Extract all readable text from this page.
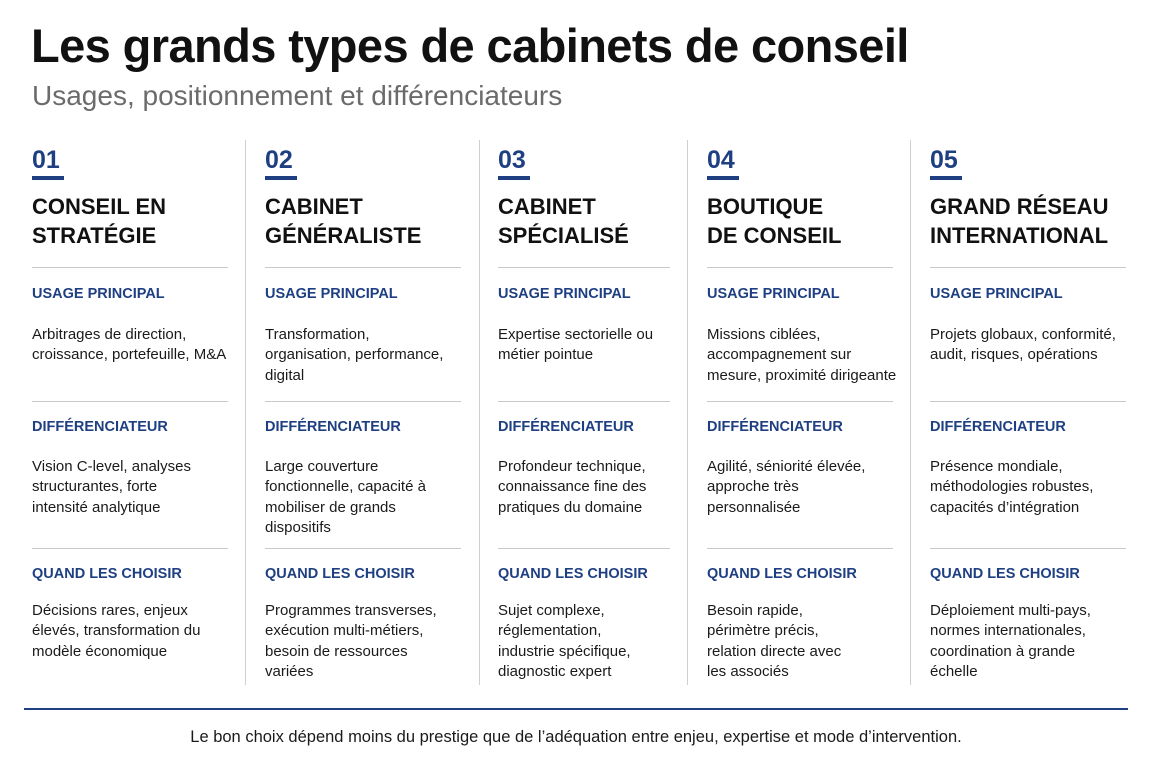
Les grands types de cabinets de conseil
Usages, positionnement et différenciateurs
01
CONSEIL EN
STRATÉGIE
USAGE PRINCIPAL
Arbitrages de direction, croissance, portefeuille, M&A
DIFFÉRENCIATEUR
Vision C-level, analyses structurantes, forte intensité analytique
QUAND LES CHOISIR
Décisions rares, enjeux élevés, transformation du modèle économique
02
CABINET
GÉNÉRALISTE
USAGE PRINCIPAL
Transformation, organisation, performance, digital
DIFFÉRENCIATEUR
Large couverture fonctionnelle, capacité à mobiliser de grands dispositifs
QUAND LES CHOISIR
Programmes transverses, exécution multi-métiers, besoin de ressources variées
03
CABINET
SPÉCIALISÉ
USAGE PRINCIPAL
Expertise sectorielle ou métier pointue
DIFFÉRENCIATEUR
Profondeur technique, connaissance fine des pratiques du domaine
QUAND LES CHOISIR
Sujet complexe, réglementation, industrie spécifique, diagnostic expert
04
BOUTIQUE
DE CONSEIL
USAGE PRINCIPAL
Missions ciblées, accompagnement sur mesure, proximité dirigeante
DIFFÉRENCIATEUR
Agilité, séniorité élevée, approche très personnalisée
QUAND LES CHOISIR
Besoin rapide, périmètre précis, relation directe avec les associés
05
GRAND RÉSEAU
INTERNATIONAL
USAGE PRINCIPAL
Projets globaux, conformité, audit, risques, opérations
DIFFÉRENCIATEUR
Présence mondiale, méthodologies robustes, capacités d’intégration
QUAND LES CHOISIR
Déploiement multi-pays, normes internationales, coordination à grande échelle
Le bon choix dépend moins du prestige que de l’adéquation entre enjeu, expertise et mode d’intervention.
